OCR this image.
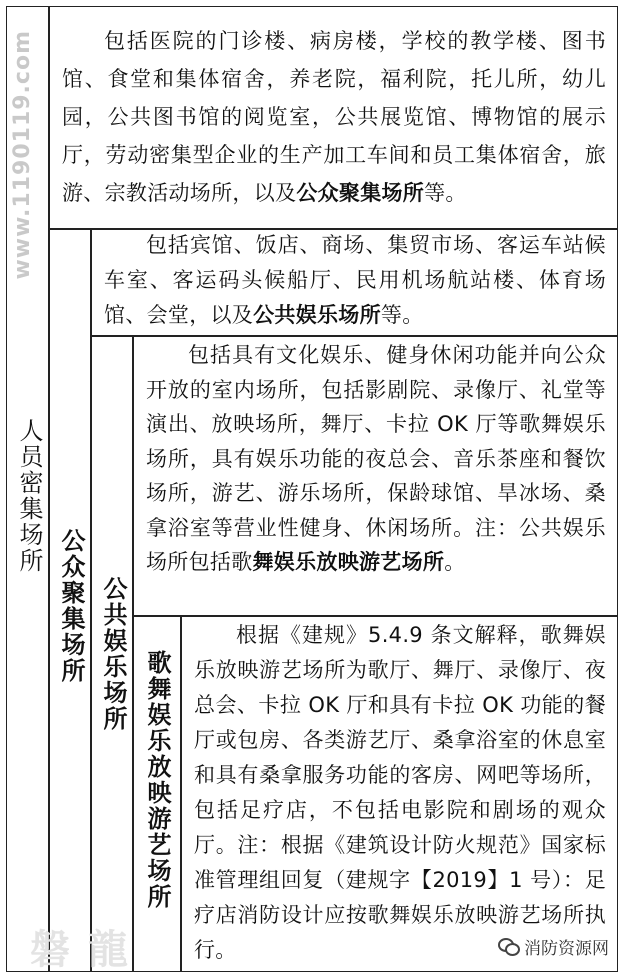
www.1190119.com
人员密集场所
公众聚集场所 公共娱乐场所 歌舞娱乐放映游艺场所
包括医院的门诊楼、病房楼，学校的教学楼、图书馆、食堂和集体宿舍，养老院，福利院，托儿所，幼儿园，公共图书馆的阅览室，公共展览馆、博物馆的展示厅，劳动密集型企业的生产加工车间和员工集体宿舍，旅游、宗教活动场所，以及公众聚集场所等。
包括宾馆、饭店、商场、集贸市场、客运车站候车室、客运码头候船厅、民用机场航站楼、体育场馆、会堂，以及公共娱乐场所等。
包括具有文化娱乐、健身休闲功能并向公众开放的室内场所，包括影剧院、录像厅、礼堂等演出、放映场所，舞厅、卡拉 OK 厅等歌舞娱乐场所，具有娱乐功能的夜总会、音乐茶座和餐饮场所，游艺、游乐场所，保龄球馆、旱冰场、桑拿浴室等营业性健身、休闲场所。注：公共娱乐场所包括歌舞娱乐放映游艺场所。
根据《建规》5.4.9 条文解释，歌舞娱乐放映游艺场所为歌厅、舞厅、录像厅、夜总会、卡拉 OK 厅和具有卡拉 OK 功能的餐厅或包房、各类游艺厅、桑拿浴室的休息室和具有桑拿服务功能的客房、网吧等场所，包括足疗店，不包括电影院和剧场的观众厅。注：根据《建筑设计防火规范》国家标准管理组回复（建规字【2019】1 号）：足疗店消防设计应按歌舞娱乐放映游艺场所执行。
磐龍	消防资源网
